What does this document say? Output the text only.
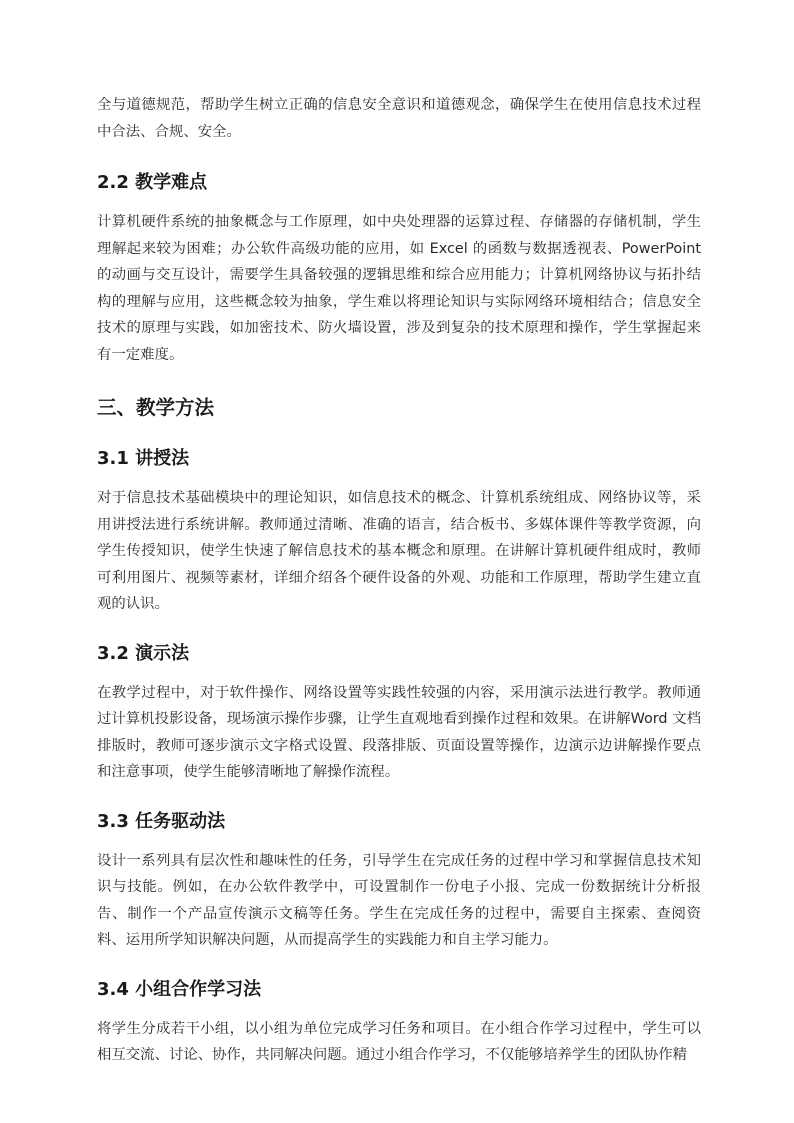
全与道德规范，帮助学生树立正确的信息安全意识和道德观念，确保学生在使用信息技术过程中合法、合规、安全。

2.2 教学难点

计算机硬件系统的抽象概念与工作原理，如中央处理器的运算过程、存储器的存储机制，学生理解起来较为困难；办公软件高级功能的应用，如 Excel 的函数与数据透视表、PowerPoint 的动画与交互设计，需要学生具备较强的逻辑思维和综合应用能力；计算机网络协议与拓扑结构的理解与应用，这些概念较为抽象，学生难以将理论知识与实际网络环境相结合；信息安全技术的原理与实践，如加密技术、防火墙设置，涉及到复杂的技术原理和操作，学生掌握起来有一定难度。

三、教学方法
3.1 讲授法

对于信息技术基础模块中的理论知识，如信息技术的概念、计算机系统组成、网络协议等，采用讲授法进行系统讲解。教师通过清晰、准确的语言，结合板书、多媒体课件等教学资源，向学生传授知识，使学生快速了解信息技术的基本概念和原理。在讲解计算机硬件组成时，教师可利用图片、视频等素材，详细介绍各个硬件设备的外观、功能和工作原理，帮助学生建立直观的认识。

3.2 演示法

在教学过程中，对于软件操作、网络设置等实践性较强的内容，采用演示法进行教学。教师通过计算机投影设备，现场演示操作步骤，让学生直观地看到操作过程和效果。在讲解Word 文档排版时，教师可逐步演示文字格式设置、段落排版、页面设置等操作，边演示边讲解操作要点和注意事项，使学生能够清晰地了解操作流程。

3.3 任务驱动法

设计一系列具有层次性和趣味性的任务，引导学生在完成任务的过程中学习和掌握信息技术知识与技能。例如，在办公软件教学中，可设置制作一份电子小报、完成一份数据统计分析报告、制作一个产品宣传演示文稿等任务。学生在完成任务的过程中，需要自主探索、查阅资料、运用所学知识解决问题，从而提高学生的实践能力和自主学习能力。

3.4 小组合作学习法

将学生分成若干小组，以小组为单位完成学习任务和项目。在小组合作学习过程中，学生可以相互交流、讨论、协作，共同解决问题。通过小组合作学习，不仅能够培养学生的团队协作精
